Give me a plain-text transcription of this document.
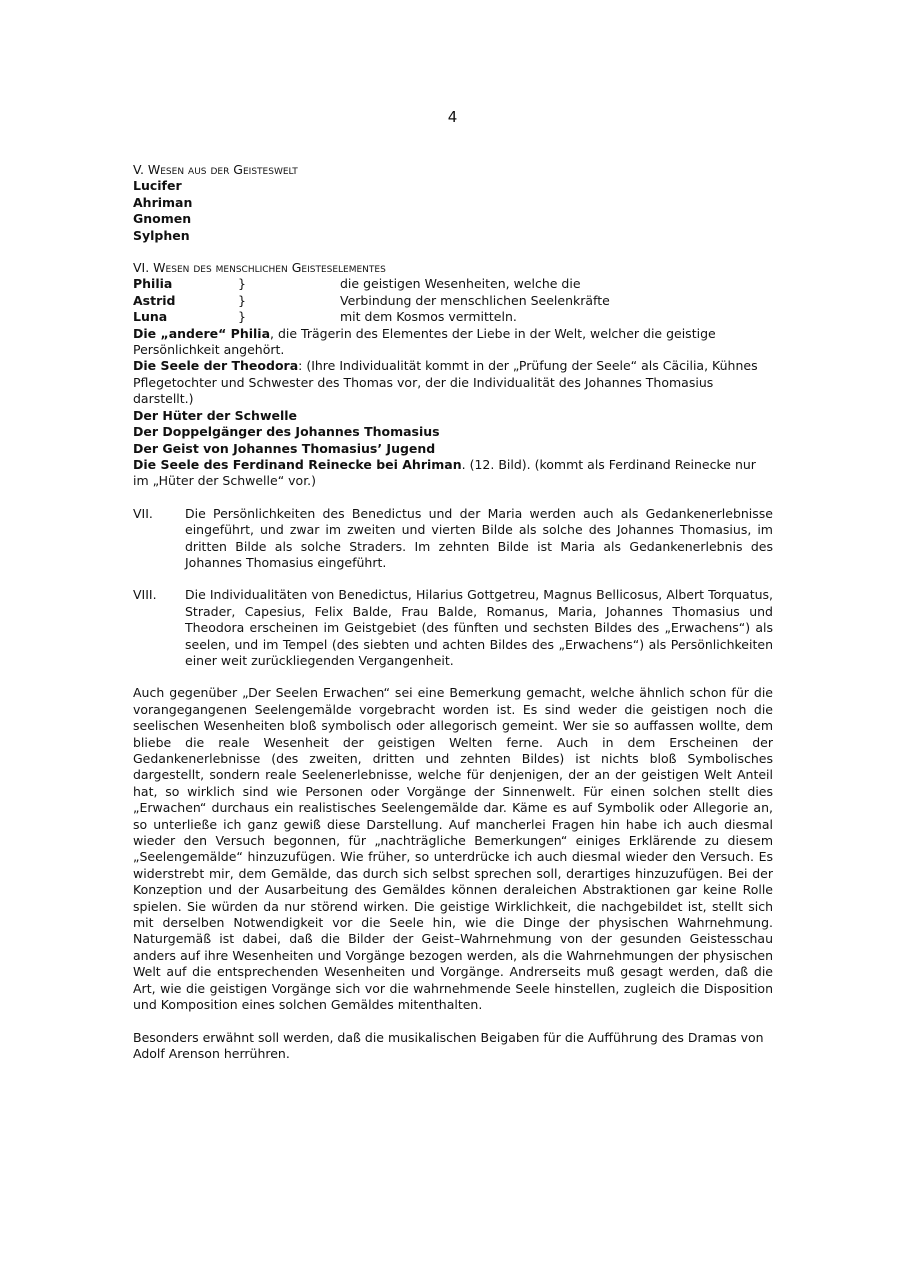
4
V. Wesen aus der Geisteswelt
Lucifer
Ahriman
Gnomen
Sylphen
VI. Wesen des menschlichen Geisteselementes
Philia	}	die geistigen Wesenheiten, welche die
Astrid	}	Verbindung der menschlichen Seelenkräfte
Luna	}	mit dem Kosmos vermitteln.
Die „andere“ Philia, die Trägerin des Elementes der Liebe in der Welt, welcher die geistige Persönlichkeit angehört.
Die Seele der Theodora: (Ihre Individualität kommt in der „Prüfung der Seele“ als Cäcilia, Kühnes Pflegetochter und Schwester des Thomas vor, der die Individualität des Johannes Thomasius darstellt.)
Der Hüter der Schwelle
Der Doppelgänger des Johannes Thomasius
Der Geist von Johannes Thomasius’ Jugend
Die Seele des Ferdinand Reinecke bei Ahriman. (12. Bild). (kommt als Ferdinand Reinecke nur im „Hüter der Schwelle“ vor.)
VII.	Die Persönlichkeiten des Benedictus und der Maria werden auch als Gedankenerlebnisse eingeführt, und zwar im zweiten und vierten Bilde als solche des Johannes Thomasius, im dritten Bilde als solche Straders. Im zehnten Bilde ist Maria als Gedankenerlebnis des Johannes Thomasius eingeführt.
VIII.	Die Individualitäten von Benedictus, Hilarius Gottgetreu, Magnus Bellicosus, Albert Torquatus, Strader, Capesius, Felix Balde, Frau Balde, Romanus, Maria, Johannes Thomasius und Theodora erscheinen im Geistgebiet (des fünften und sechsten Bildes des „Erwachens“) als seelen, und im Tempel (des siebten und achten Bildes des „Erwachens“) als Persönlichkeiten einer weit zurückliegenden Vergangenheit.

Auch gegenüber „Der Seelen Erwachen“ sei eine Bemerkung gemacht, welche ähnlich schon für die vorangegangenen Seelengemälde vorgebracht worden ist. Es sind weder die geistigen noch die seelischen Wesenheiten bloß symbolisch oder allegorisch gemeint. Wer sie so auffassen wollte, dem bliebe die reale Wesenheit der geistigen Welten ferne. Auch in dem Erscheinen der Gedankenerlebnisse (des zweiten, dritten und zehnten Bildes) ist nichts bloß Symbolisches dargestellt, sondern reale Seelenerlebnisse, welche für denjenigen, der an der geistigen Welt Anteil hat, so wirklich sind wie Personen oder Vorgänge der Sinnenwelt. Für einen solchen stellt dies „Erwachen“ durchaus ein realistisches Seelengemälde dar. Käme es auf Symbolik oder Allegorie an, so unterließe ich ganz gewiß diese Darstellung. Auf mancherlei Fragen hin habe ich auch diesmal wieder den Versuch begonnen, für „nachträgliche Bemerkungen“ einiges Erklärende zu diesem „Seelengemälde“ hinzuzufügen. Wie früher, so unterdrücke ich auch diesmal wieder den Versuch. Es widerstrebt mir, dem Gemälde, das durch sich selbst sprechen soll, derartiges hinzuzufügen. Bei der Konzeption und der Ausarbeitung des Gemäldes können deraleichen Abstraktionen gar keine Rolle spielen. Sie würden da nur störend wirken. Die geistige Wirklichkeit, die nachgebildet ist, stellt sich mit derselben Notwendigkeit vor die Seele hin, wie die Dinge der physischen Wahrnehmung. Naturgemäß ist dabei, daß die Bilder der Geist–Wahrnehmung von der gesunden Geistesschau anders auf ihre Wesenheiten und Vorgänge bezogen werden, als die Wahrnehmungen der physischen Welt auf die entsprechenden Wesenheiten und Vorgänge. Andrerseits muß gesagt werden, daß die Art, wie die geistigen Vorgänge sich vor die wahrnehmende Seele hinstellen, zugleich die Disposition und Komposition eines solchen Gemäldes mitenthalten.

Besonders erwähnt soll werden, daß die musikalischen Beigaben für die Aufführung des Dramas von Adolf Arenson herrühren.
